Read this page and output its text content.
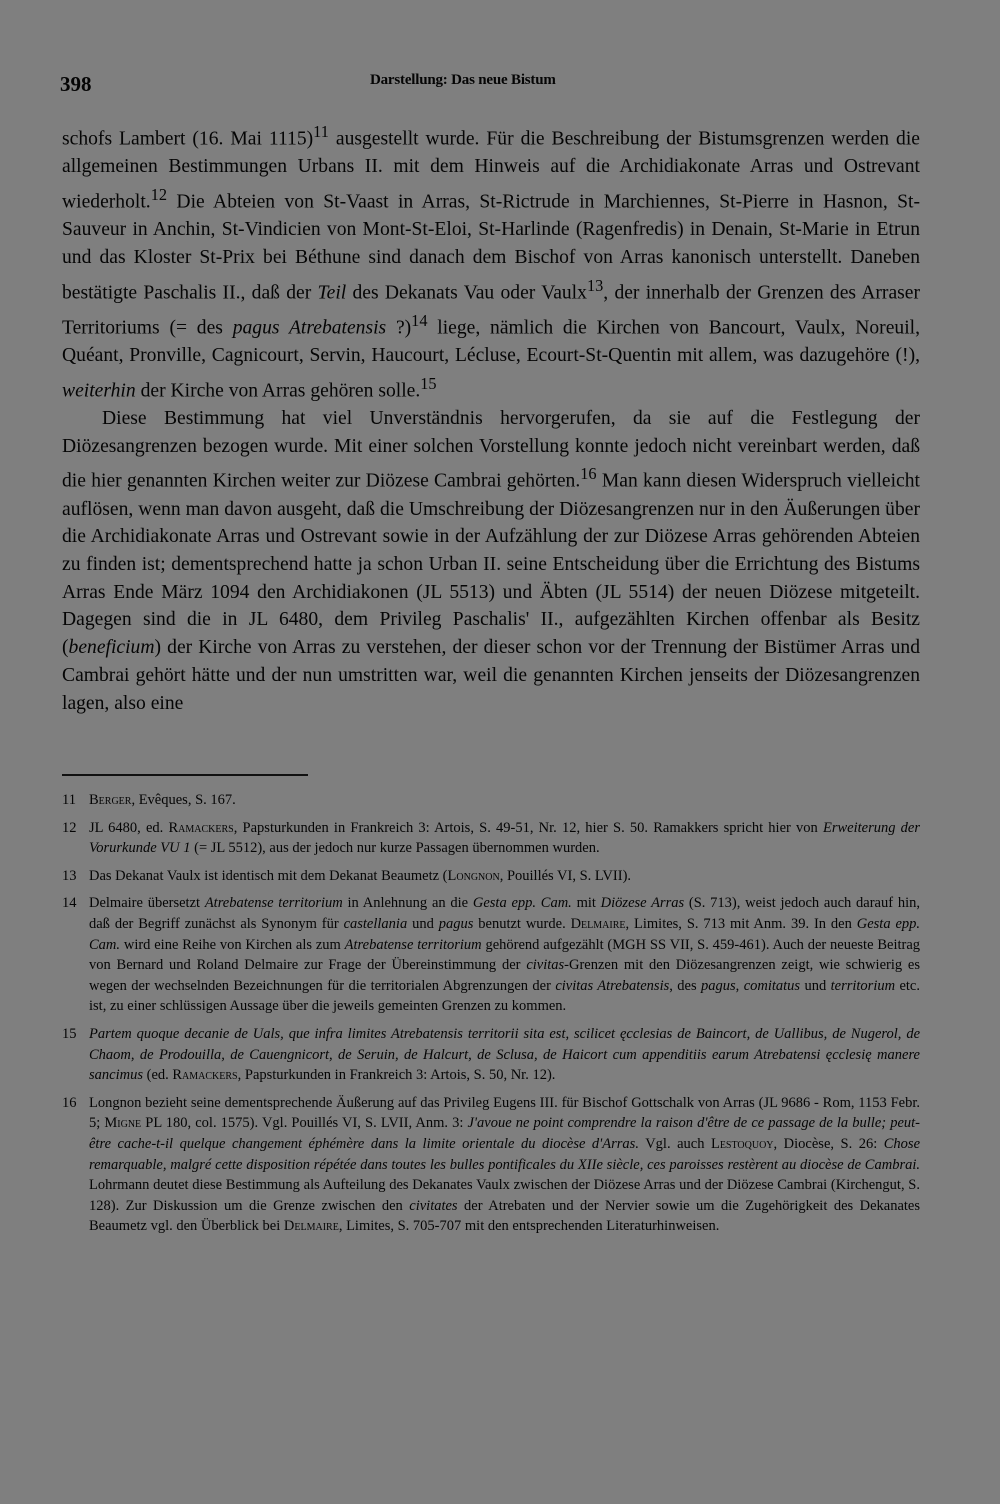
398	Darstellung: Das neue Bistum

schofs Lambert (16. Mai 1115)$^{11}$ ausgestellt wurde. Für die Beschreibung der Bistumsgrenzen werden die allgemeinen Bestimmungen Urbans II. mit dem Hinweis auf die Archidiakonate Arras und Ostrevant wiederholt.$^{12}$ Die Abteien von St-Vaast in Arras, St-Rictrude in Marchiennes, St-Pierre in Hasnon, St-Sauveur in Anchin, St-Vindicien von Mont-St-Eloi, St-Harlinde (Ragenfredis) in Denain, St-Marie in Etrun und das Kloster St-Prix bei Béthune sind danach dem Bischof von Arras kanonisch unterstellt. Daneben bestätigte Paschalis II., daß der Teil des Dekanats Vau oder Vaulx$^{13}$, der innerhalb der Grenzen des Arraser Territoriums (= des pagus Atrebatensis ?)$^{14}$ liege, nämlich die Kirchen von Bancourt, Vaulx, Noreuil, Quéant, Pronville, Cagnicourt, Servin, Haucourt, Lécluse, Ecourt-St-Quentin mit allem, was dazugehöre (!), weiterhin der Kirche von Arras gehören solle.$^{15}$

Diese Bestimmung hat viel Unverständnis hervorgerufen, da sie auf die Festlegung der Diözesangrenzen bezogen wurde. Mit einer solchen Vorstellung konnte jedoch nicht vereinbart werden, daß die hier genannten Kirchen weiter zur Diözese Cambrai gehörten.$^{16}$ Man kann diesen Widerspruch vielleicht auflösen, wenn man davon ausgeht, daß die Umschreibung der Diözesangrenzen nur in den Äußerungen über die Archidiakonate Arras und Ostrevant sowie in der Aufzählung der zur Diözese Arras gehörenden Abteien zu finden ist; dementsprechend hatte ja schon Urban II. seine Entscheidung über die Errichtung des Bistums Arras Ende März 1094 den Archidiakonen (JL 5513) und Äbten (JL 5514) der neuen Diözese mitgeteilt. Dagegen sind die in JL 6480, dem Privileg Paschalis' II., aufgezählten Kirchen offenbar als Besitz (beneficium) der Kirche von Arras zu verstehen, der dieser schon vor der Trennung der Bistümer Arras und Cambrai gehört hätte und der nun umstritten war, weil die genannten Kirchen jenseits der Diözesangrenzen lagen, also eine

11 Berger, Evêques, S. 167.
12 JL 6480, ed. Ramackers, Papsturkunden in Frankreich 3: Artois, S. 49-51, Nr. 12, hier S. 50. Ramakkers spricht hier von Erweiterung der Vorurkunde VU 1 (= JL 5512), aus der jedoch nur kurze Passagen übernommen wurden.
13 Das Dekanat Vaulx ist identisch mit dem Dekanat Beaumetz (Longnon, Pouillés VI, S. LVII).
14 Delmaire übersetzt Atrebatense territorium in Anlehnung an die Gesta epp. Cam. mit Diözese Arras (S. 713), weist jedoch auch darauf hin, daß der Begriff zunächst als Synonym für castellania und pagus benutzt wurde. Delmaire, Limites, S. 713 mit Anm. 39. In den Gesta epp. Cam. wird eine Reihe von Kirchen als zum Atrebatense territorium gehörend aufgezählt (MGH SS VII, S. 459-461). Auch der neueste Beitrag von Bernard und Roland Delmaire zur Frage der Übereinstimmung der civitas-Grenzen mit den Diözesangrenzen zeigt, wie schwierig es wegen der wechselnden Bezeichnungen für die territorialen Abgrenzungen der civitas Atrebatensis, des pagus, comitatus und territorium etc. ist, zu einer schlüssigen Aussage über die jeweils gemeinten Grenzen zu kommen.
15 Partem quoque decanie de Uals, que infra limites Atrebatensis territorii sita est, scilicet ęcclesias de Baincort, de Uallibus, de Nugerol, de Chaom, de Prodouilla, de Cauengnicort, de Seruin, de Halcurt, de Sclusa, de Haicort cum appenditiis earum Atrebatensi ęcclesię manere sancimus (ed. Ramackers, Papsturkunden in Frankreich 3: Artois, S. 50, Nr. 12).
16 Longnon bezieht seine dementsprechende Äußerung auf das Privileg Eugens III. für Bischof Gottschalk von Arras (JL 9686 - Rom, 1153 Febr. 5; Migne PL 180, col. 1575). Vgl. Pouillés VI, S. LVII, Anm. 3: J'avoue ne point comprendre la raison d'être de ce passage de la bulle; peut-être cache-t-il quelque changement éphémère dans la limite orientale du diocèse d'Arras. Vgl. auch Lestoquoy, Diocèse, S. 26: Chose remarquable, malgré cette disposition répétée dans toutes les bulles pontificales du XIIe siècle, ces paroisses restèrent au diocèse de Cambrai. Lohrmann deutet diese Bestimmung als Aufteilung des Dekanates Vaulx zwischen der Diözese Arras und der Diözese Cambrai (Kirchengut, S. 128). Zur Diskussion um die Grenze zwischen den civitates der Atrebaten und der Nervier sowie um die Zugehörigkeit des Dekanates Beaumetz vgl. den Überblick bei Delmaire, Limites, S. 705-707 mit den entsprechenden Literaturhinweisen.
